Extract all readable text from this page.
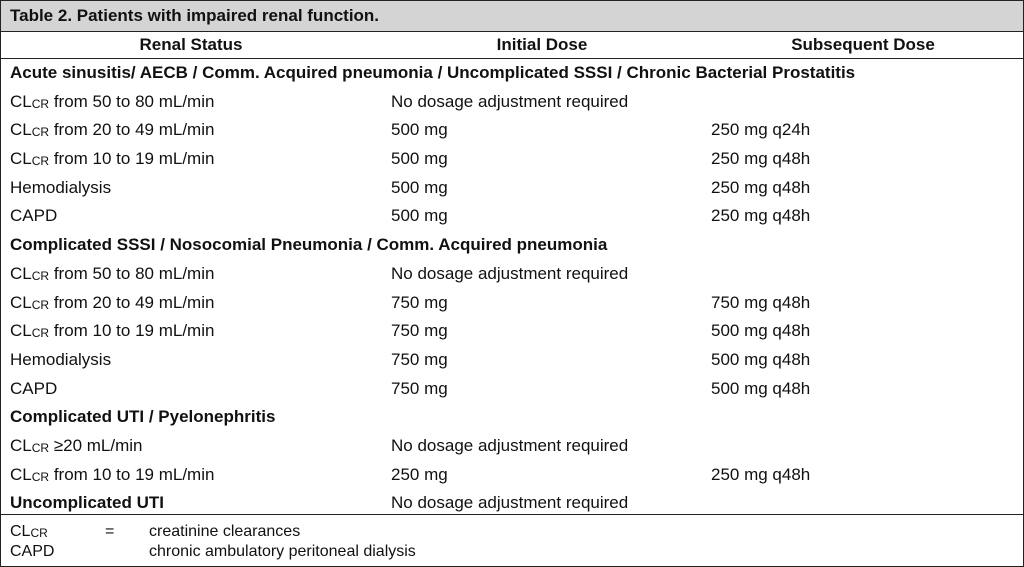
Table 2. Patients with impaired renal function.
Renal Status	Initial Dose	Subsequent Dose
Acute sinusitis/ AECB / Comm. Acquired pneumonia / Uncomplicated SSSI / Chronic Bacterial Prostatitis
CLCR from 50 to 80 mL/min	No dosage adjustment required
CLCR from 20 to 49 mL/min	500 mg	250 mg q24h
CLCR from 10 to 19 mL/min	500 mg	250 mg q48h
Hemodialysis	500 mg	250 mg q48h
CAPD	500 mg	250 mg q48h
Complicated SSSI / Nosocomial Pneumonia / Comm. Acquired pneumonia
CLCR from 50 to 80 mL/min	No dosage adjustment required
CLCR from 20 to 49 mL/min	750 mg	750 mg q48h
CLCR from 10 to 19 mL/min	750 mg	500 mg q48h
Hemodialysis	750 mg	500 mg q48h
CAPD	750 mg	500 mg q48h
Complicated UTI / Pyelonephritis
CLCR ≥20 mL/min	No dosage adjustment required
CLCR from 10 to 19 mL/min	250 mg	250 mg q48h
Uncomplicated UTI	No dosage adjustment required
CLCR	= creatinine clearances
CAPD	chronic ambulatory peritoneal dialysis
